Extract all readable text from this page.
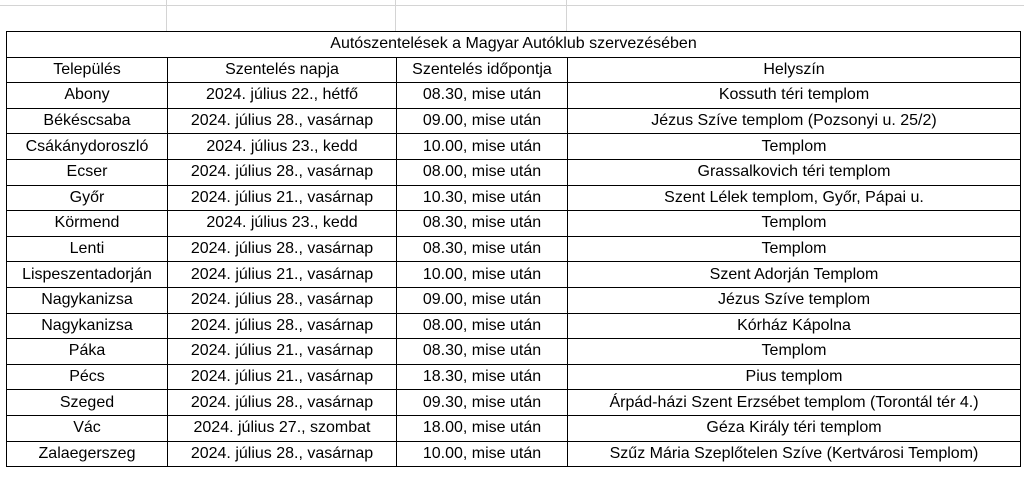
Autószentelések a Magyar Autóklub szervezésében			
Település	Szentelés napja	Szentelés időpontja	Helyszín
Abony	2024. július 22., hétfő	08.30, mise után	Kossuth téri templom
Békéscsaba	2024. július 28., vasárnap	09.00, mise után	Jézus Szíve templom (Pozsonyi u. 25/2)
Csákánydoroszló	2024. július 23., kedd	10.00, mise után	Templom
Ecser	2024. július 28., vasárnap	08.00, mise után	Grassalkovich téri templom
Győr	2024. július 21., vasárnap	10.30, mise után	Szent Lélek templom, Győr, Pápai u.
Körmend	2024. július 23., kedd	08.30, mise után	Templom
Lenti	2024. július 28., vasárnap	08.30, mise után	Templom
Lispeszentadorján	2024. július 21., vasárnap	10.00, mise után	Szent Adorján Templom
Nagykanizsa	2024. július 28., vasárnap	09.00, mise után	Jézus Szíve templom
Nagykanizsa	2024. július 28., vasárnap	08.00, mise után	Kórház Kápolna
Páka	2024. július 21., vasárnap	08.30, mise után	Templom
Pécs	2024. július 21., vasárnap	18.30, mise után	Pius templom
Szeged	2024. július 28., vasárnap	09.30, mise után	Árpád-házi Szent Erzsébet templom (Torontál tér 4.)
Vác	2024. július 27., szombat	18.00, mise után	Géza Király téri templom
Zalaegerszeg	2024. július 28., vasárnap	10.00, mise után	Szűz Mária Szeplőtelen Szíve (Kertvárosi Templom)
